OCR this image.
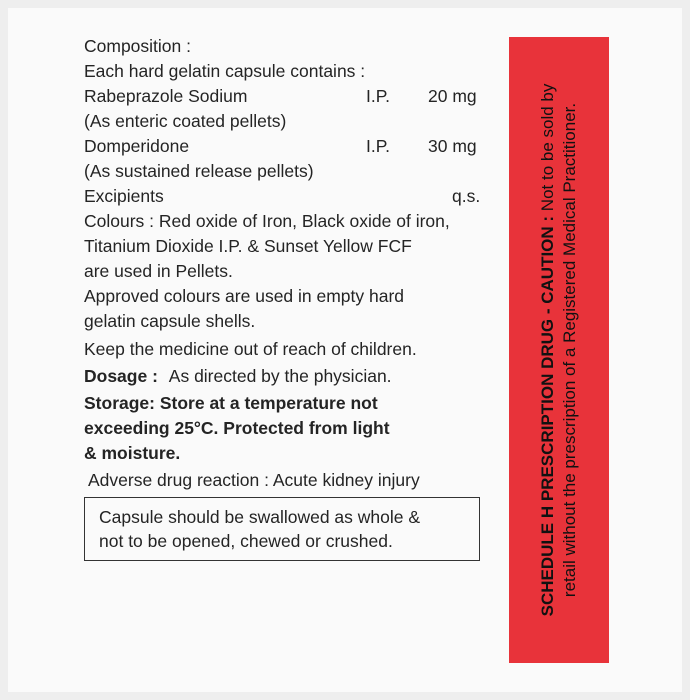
Composition :
Each hard gelatin capsule contains :
Rabeprazole Sodium	I.P. 20 mg
(As enteric coated pellets)
Domperidone	I.P. 30 mg
(As sustained release pellets)
Excipients	q.s.
Colours : Red oxide of Iron, Black oxide of iron,
Titanium Dioxide I.P. & Sunset Yellow FCF
are used in Pellets.
Approved colours are used in empty hard
gelatin capsule shells.
Keep the medicine out of reach of children.
Dosage : As directed by the physician.
Storage: Store at a temperature not
exceeding 25°C. Protected from light
& moisture.
Adverse drug reaction : Acute kidney injury
Capsule should be swallowed as whole &
not to be opened, chewed or crushed.	SCHEDULE H PRESCRIPTION DRUG - CAUTION : Not to be sold by retail without the prescription of a Registered Medical Practitioner.
